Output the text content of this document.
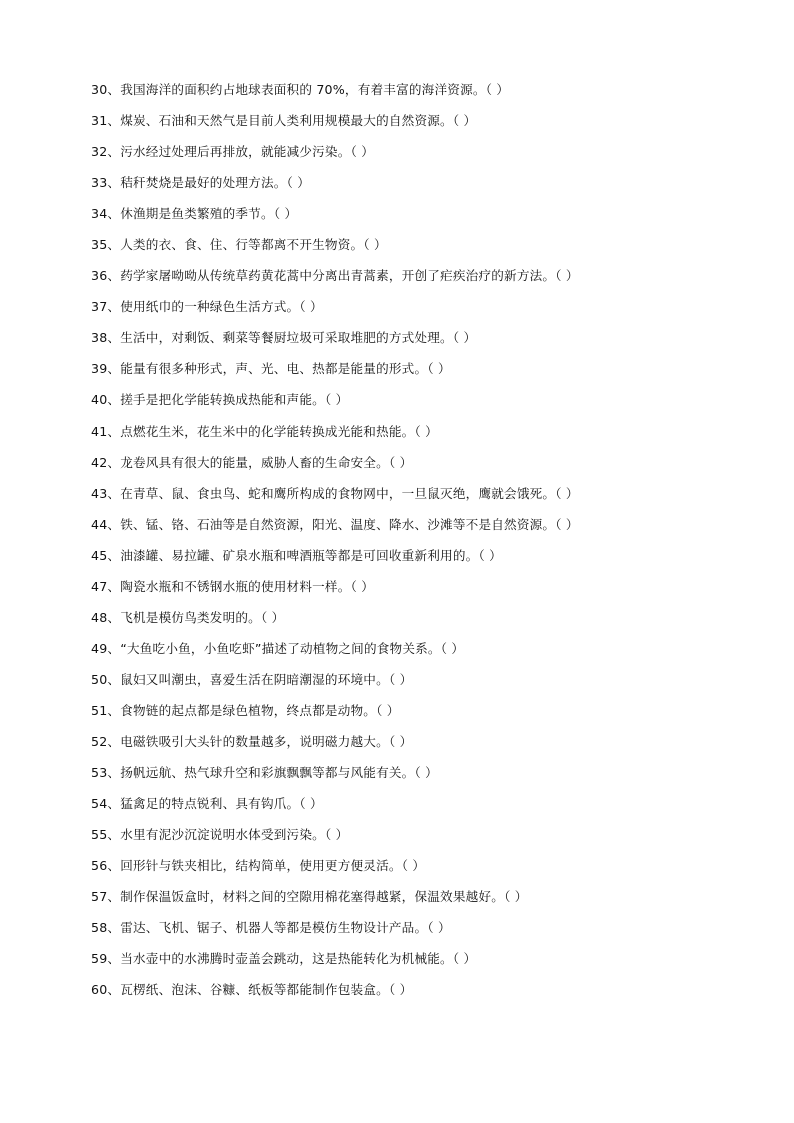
30、我国海洋的面积约占地球表面积的 70%，有着丰富的海洋资源。（ ）
31、煤炭、石油和天然气是目前人类利用规模最大的自然资源。（ ）
32、污水经过处理后再排放，就能减少污染。（ ）
33、秸秆焚烧是最好的处理方法。（ ）
34、休渔期是鱼类繁殖的季节。（ ）
35、人类的衣、食、住、行等都离不开生物资。（ ）
36、药学家屠呦呦从传统草药黄花蒿中分离出青蒿素，开创了疟疾治疗的新方法。（ ）
37、使用纸巾的一种绿色生活方式。（ ）
38、生活中，对剩饭、剩菜等餐厨垃圾可采取堆肥的方式处理。（ ）
39、能量有很多种形式，声、光、电、热都是能量的形式。（ ）
40、搓手是把化学能转换成热能和声能。（ ）
41、点燃花生米，花生米中的化学能转换成光能和热能。（ ）
42、龙卷风具有很大的能量，威胁人畜的生命安全。（ ）
43、在青草、鼠、食虫鸟、蛇和鹰所构成的食物网中，一旦鼠灭绝，鹰就会饿死。（ ）
44、铁、锰、铬、石油等是自然资源，阳光、温度、降水、沙滩等不是自然资源。（ ）
45、油漆罐、易拉罐、矿泉水瓶和啤酒瓶等都是可回收重新利用的。（ ）
47、陶瓷水瓶和不锈钢水瓶的使用材料一样。（ ）
48、飞机是模仿鸟类发明的。（ ）
49、“大鱼吃小鱼，小鱼吃虾”描述了动植物之间的食物关系。（ ）
50、鼠妇又叫潮虫，喜爱生活在阴暗潮湿的环境中。（ ）
51、食物链的起点都是绿色植物，终点都是动物。（ ）
52、电磁铁吸引大头针的数量越多，说明磁力越大。（ ）
53、扬帆远航、热气球升空和彩旗飘飘等都与风能有关。（ ）
54、猛禽足的特点锐利、具有钩爪。（ ）
55、水里有泥沙沉淀说明水体受到污染。（ ）
56、回形针与铁夹相比，结构简单，使用更方便灵活。（ ）
57、制作保温饭盒时，材料之间的空隙用棉花塞得越紧，保温效果越好。（ ）
58、雷达、飞机、锯子、机器人等都是模仿生物设计产品。（ ）
59、当水壶中的水沸腾时壶盖会跳动，这是热能转化为机械能。（ ）
60、瓦楞纸、泡沫、谷糠、纸板等都能制作包装盒。（ ）
